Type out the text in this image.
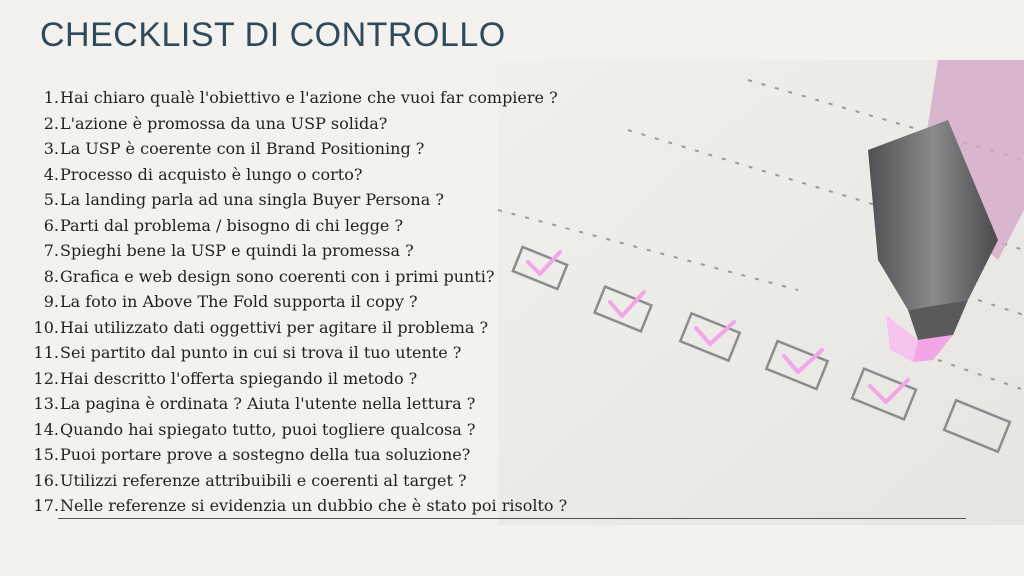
CHECKLIST DI CONTROLLO
1. Hai chiaro qualè l'obiettivo e l'azione che vuoi far compiere ?
2. L'azione è promossa da una USP solida?
3. La USP è coerente con il Brand Positioning ?
4. Processo di acquisto è lungo o corto?
5. La landing parla ad una singla Buyer Persona ?
6. Parti dal problema / bisogno di chi legge ?
7. Spieghi bene la USP e quindi la promessa ?
8. Grafica e web design sono coerenti con i primi punti?
9. La foto in Above The Fold supporta il copy ?
10. Hai utilizzato dati oggettivi per agitare il problema ?
11. Sei partito dal punto in cui si trova il tuo utente ?
12. Hai descritto l'offerta spiegando il metodo ?
13. La pagina è ordinata ? Aiuta l'utente nella lettura ?
14. Quando hai spiegato tutto, puoi togliere qualcosa ?
15. Puoi portare prove a sostegno della tua soluzione?
16. Utilizzi referenze attribuibili e coerenti al target ?
17. Nelle referenze si evidenzia un dubbio che è stato poi risolto ?
